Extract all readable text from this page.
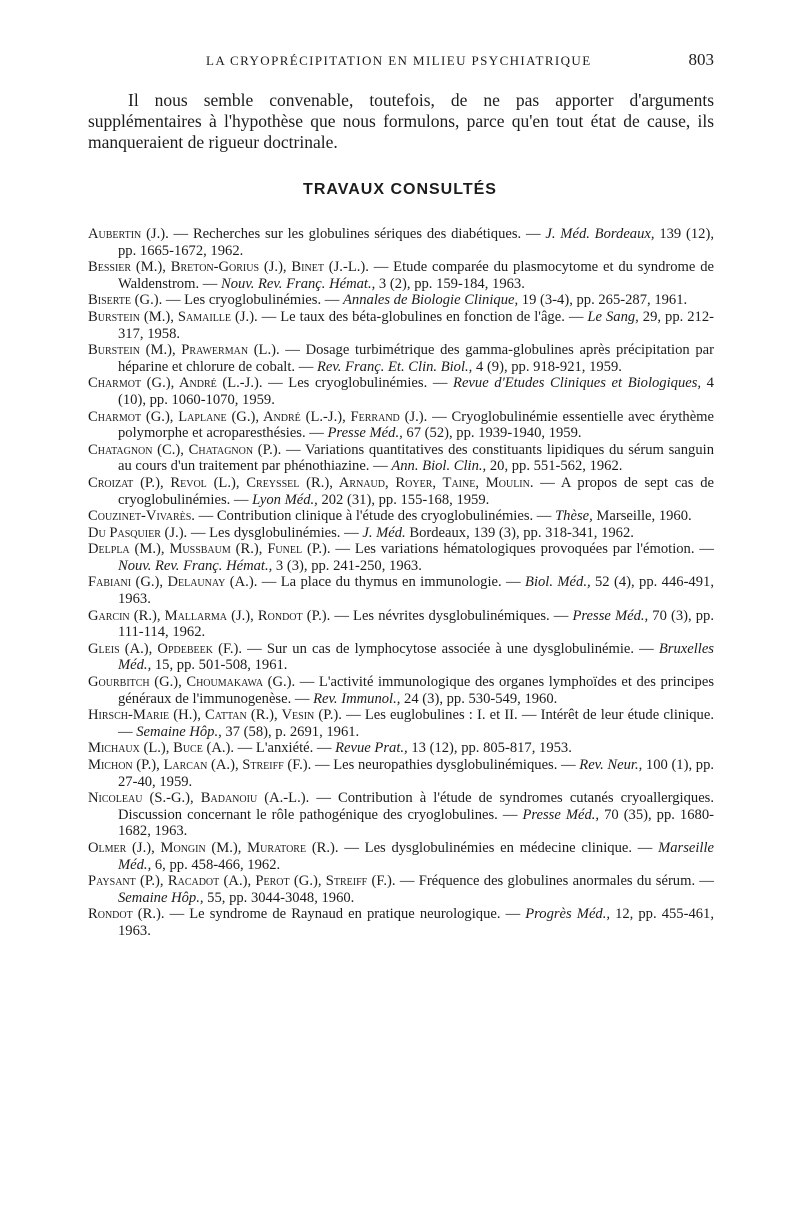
LA CRYOPRÉCIPITATION EN MILIEU PSYCHIATRIQUE	803

Il nous semble convenable, toutefois, de ne pas apporter d'arguments supplémentaires à l'hypothèse que nous formulons, parce qu'en tout état de cause, ils manqueraient de rigueur doctrinale.

TRAVAUX CONSULTÉS
Aubertin (J.). — Recherches sur les globulines sériques des diabétiques. — J. Méd. Bordeaux, 139 (12), pp. 1665-1672, 1962.
Bessier (M.), Breton-Gorius (J.), Binet (J.-L.). — Etude comparée du plasmocytome et du syndrome de Waldenstrom. — Nouv. Rev. Franç. Hémat., 3 (2), pp. 159-184, 1963.
Biserte (G.). — Les cryoglobulinémies. — Annales de Biologie Clinique, 19 (3-4), pp. 265-287, 1961.
Burstein (M.), Samaille (J.). — Le taux des béta-globulines en fonction de l'âge. — Le Sang, 29, pp. 212-317, 1958.
Burstein (M.), Prawerman (L.). — Dosage turbimétrique des gamma-globulines après précipitation par héparine et chlorure de cobalt. — Rev. Franç. Et. Clin. Biol., 4 (9), pp. 918-921, 1959.
Charmot (G.), André (L.-J.). — Les cryoglobulinémies. — Revue d'Etudes Cliniques et Biologiques, 4 (10), pp. 1060-1070, 1959.
Charmot (G.), Laplane (G.), André (L.-J.), Ferrand (J.). — Cryoglobulinémie essentielle avec érythème polymorphe et acroparesthésies. — Presse Méd., 67 (52), pp. 1939-1940, 1959.
Chatagnon (C.), Chatagnon (P.). — Variations quantitatives des constituants lipidiques du sérum sanguin au cours d'un traitement par phénothiazine. — Ann. Biol. Clin., 20, pp. 551-562, 1962.
Croizat (P.), Revol (L.), Creyssel (R.), Arnaud, Royer, Taine, Moulin. — A propos de sept cas de cryoglobulinémies. — Lyon Méd., 202 (31), pp. 155-168, 1959.
Couzinet-Vivarès. — Contribution clinique à l'étude des cryoglobulinémies. — Thèse, Marseille, 1960.
Du Pasquier (J.). — Les dysglobulinémies. — J. Méd. Bordeaux, 139 (3), pp. 318-341, 1962.
Delpla (M.), Mussbaum (R.), Funel (P.). — Les variations hématologiques provoquées par l'émotion. — Nouv. Rev. Franç. Hémat., 3 (3), pp. 241-250, 1963.
Fabiani (G.), Delaunay (A.). — La place du thymus en immunologie. — Biol. Méd., 52 (4), pp. 446-491, 1963.
Garcin (R.), Mallarma (J.), Rondot (P.). — Les névrites dysglobulinémiques. — Presse Méd., 70 (3), pp. 111-114, 1962.
Gleis (A.), Opdebeek (F.). — Sur un cas de lymphocytose associée à une dysglobulinémie. — Bruxelles Méd., 15, pp. 501-508, 1961.
Gourbitch (G.), Choumakawa (G.). — L'activité immunologique des organes lymphoïdes et des principes généraux de l'immunogenèse. — Rev. Immunol., 24 (3), pp. 530-549, 1960.
Hirsch-Marie (H.), Cattan (R.), Vesin (P.). — Les euglobulines : I. et II. — Intérêt de leur étude clinique. — Semaine Hôp., 37 (58), p. 2691, 1961.
Michaux (L.), Buce (A.). — L'anxiété. — Revue Prat., 13 (12), pp. 805-817, 1953.
Michon (P.), Larcan (A.), Streiff (F.). — Les neuropathies dysglobulinémiques. — Rev. Neur., 100 (1), pp. 27-40, 1959.
Nicoleau (S.-G.), Badanoiu (A.-L.). — Contribution à l'étude de syndromes cutanés cryoallergiques. Discussion concernant le rôle pathogénique des cryoglobulines. — Presse Méd., 70 (35), pp. 1680-1682, 1963.
Olmer (J.), Mongin (M.), Muratore (R.). — Les dysglobulinémies en médecine clinique. — Marseille Méd., 6, pp. 458-466, 1962.
Paysant (P.), Racadot (A.), Perot (G.), Streiff (F.). — Fréquence des globulines anormales du sérum. — Semaine Hôp., 55, pp. 3044-3048, 1960.
Rondot (R.). — Le syndrome de Raynaud en pratique neurologique. — Progrès Méd., 12, pp. 455-461, 1963.
